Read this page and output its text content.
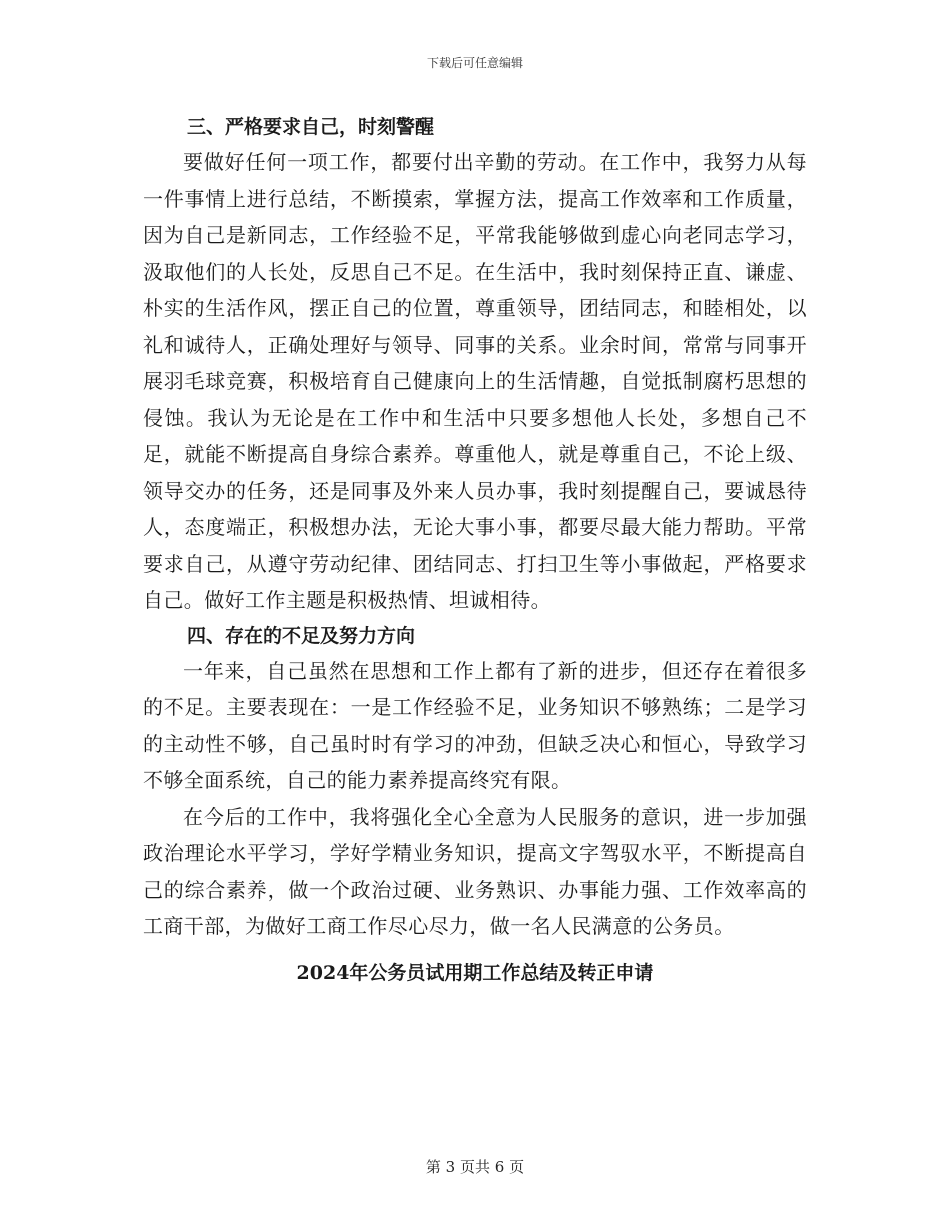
下载后可任意编辑
三、严格要求自己，时刻警醒

要做好任何一项工作，都要付出辛勤的劳动。在工作中，我努力从每一件事情上进行总结，不断摸索，掌握方法，提高工作效率和工作质量，因为自己是新同志，工作经验不足，平常我能够做到虚心向老同志学习，汲取他们的人长处，反思自己不足。在生活中，我时刻保持正直、谦虚、朴实的生活作风，摆正自己的位置，尊重领导，团结同志，和睦相处，以礼和诚待人，正确处理好与领导、同事的关系。业余时间，常常与同事开展羽毛球竞赛，积极培育自己健康向上的生活情趣，自觉抵制腐朽思想的侵蚀。我认为无论是在工作中和生活中只要多想他人长处，多想自己不足，就能不断提高自身综合素养。尊重他人，就是尊重自己，不论上级、领导交办的任务，还是同事及外来人员办事，我时刻提醒自己，要诚恳待人，态度端正，积极想办法，无论大事小事，都要尽最大能力帮助。平常要求自己，从遵守劳动纪律、团结同志、打扫卫生等小事做起，严格要求自己。做好工作主题是积极热情、坦诚相待。

四、存在的不足及努力方向

一年来，自己虽然在思想和工作上都有了新的进步，但还存在着很多的不足。主要表现在：一是工作经验不足，业务知识不够熟练；二是学习的主动性不够，自己虽时时有学习的冲劲，但缺乏决心和恒心，导致学习不够全面系统，自己的能力素养提高终究有限。

在今后的工作中，我将强化全心全意为人民服务的意识，进一步加强政治理论水平学习，学好学精业务知识，提高文字驾驭水平，不断提高自己的综合素养，做一个政治过硬、业务熟识、办事能力强、工作效率高的工商干部，为做好工商工作尽心尽力，做一名人民满意的公务员。

2024年公务员试用期工作总结及转正申请
第 3 页共 6 页
